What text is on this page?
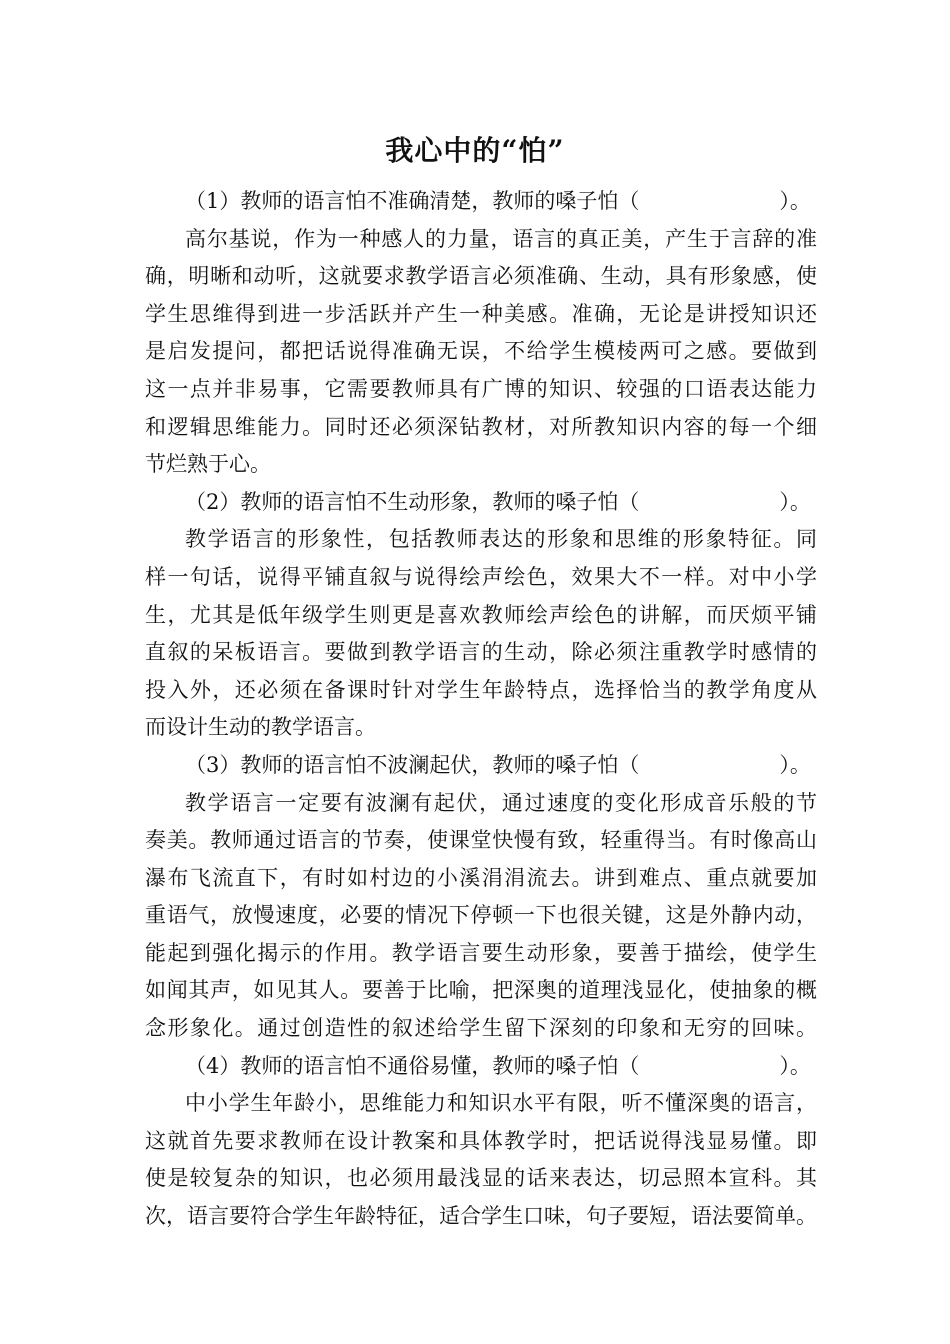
我心中的“怕”
（1）教师的语言怕不准确清楚，教师的嗓子怕（	）。
高尔基说，作为一种感人的力量，语言的真正美，产生于言辞的准
确，明晰和动听，这就要求教学语言必须准确、生动，具有形象感，使
学生思维得到进一步活跃并产生一种美感。准确，无论是讲授知识还
是启发提问，都把话说得准确无误，不给学生模棱两可之感。要做到
这一点并非易事，它需要教师具有广博的知识、较强的口语表达能力
和逻辑思维能力。同时还必须深钻教材，对所教知识内容的每一个细
节烂熟于心。
（2）教师的语言怕不生动形象，教师的嗓子怕（	）。
教学语言的形象性，包括教师表达的形象和思维的形象特征。同
样一句话，说得平铺直叙与说得绘声绘色，效果大不一样。对中小学
生，尤其是低年级学生则更是喜欢教师绘声绘色的讲解，而厌烦平铺
直叙的呆板语言。要做到教学语言的生动，除必须注重教学时感情的
投入外，还必须在备课时针对学生年龄特点，选择恰当的教学角度从
而设计生动的教学语言。
（3）教师的语言怕不波澜起伏，教师的嗓子怕（	）。
教学语言一定要有波澜有起伏，通过速度的变化形成音乐般的节
奏美。教师通过语言的节奏，使课堂快慢有致，轻重得当。有时像高山
瀑布飞流直下，有时如村边的小溪涓涓流去。讲到难点、重点就要加
重语气，放慢速度，必要的情况下停顿一下也很关键，这是外静内动，
能起到强化揭示的作用。教学语言要生动形象，要善于描绘，使学生
如闻其声，如见其人。要善于比喻，把深奥的道理浅显化，使抽象的概
念形象化。通过创造性的叙述给学生留下深刻的印象和无穷的回味。
（4）教师的语言怕不通俗易懂，教师的嗓子怕（	）。
中小学生年龄小，思维能力和知识水平有限，听不懂深奥的语言，
这就首先要求教师在设计教案和具体教学时，把话说得浅显易懂。即
使是较复杂的知识，也必须用最浅显的话来表达，切忌照本宣科。其
次，语言要符合学生年龄特征，适合学生口味，句子要短，语法要简单。
